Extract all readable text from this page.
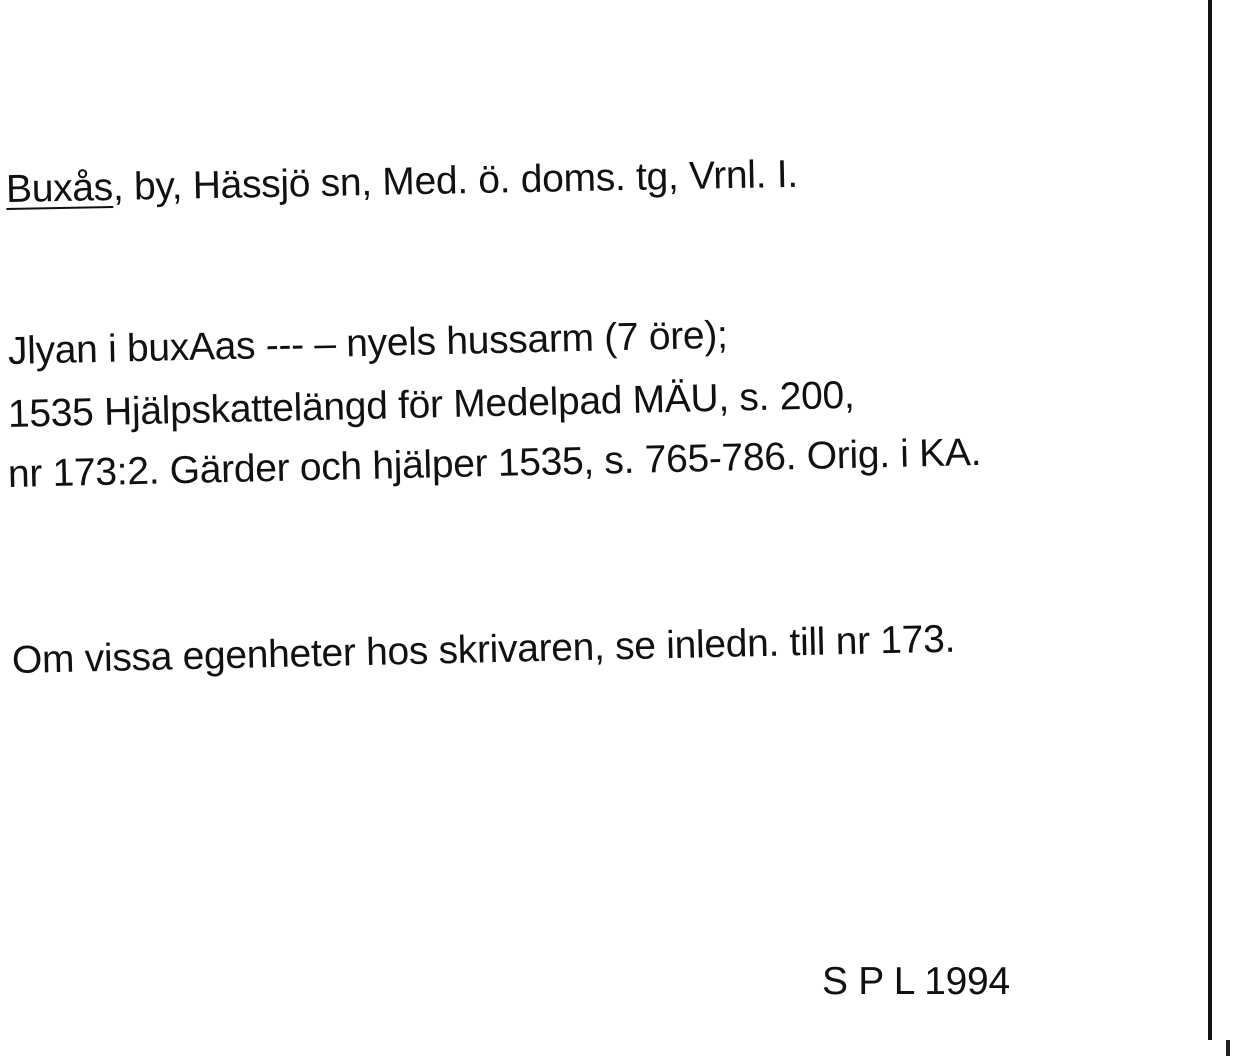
Buxås, by, Hässjö sn, Med. ö. doms. tg, Vrnl. I.
Jlyan i buxAas --- – nyels hussarm (7 öre);
1535 Hjälpskattelängd för Medelpad MÄU, s. 200,
nr 173:2. Gärder och hjälper 1535, s. 765-786. Orig. i KA.
Om vissa egenheter hos skrivaren, se inledn. till nr 173.
S P L 1994
